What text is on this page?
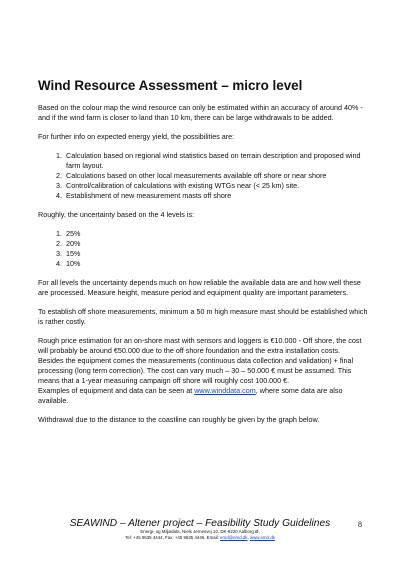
Wind Resource Assessment – micro level

Based on the colour map the wind resource can only be estimated within an accuracy of around 40% - and if the wind farm is closer to land than 10 km, there can be large withdrawals to be added.

For further info on expected energy yield, the possibilities are:

1. Calculation based on regional wind statistics based on terrain description and proposed wind farm layout.
2. Calculations based on other local measurements available off shore or near shore
3. Control/calibration of calculations with existing WTGs near (< 25 km) site.
4. Establishment of new measurement masts off shore

Roughly, the uncertainty based on the 4 levels is:

1. 25%
2. 20%
3. 15%
4. 10%

For all levels the uncertainty depends much on how reliable the available data are and how well these are processed. Measure height, measure period and equipment quality are important parameters.

To establish off shore measurements, minimum a 50 m high measure mast should be established which is rather costly.

Rough price estimation for an on-shore mast with sensors and loggers is €10.000 - Off shore, the cost will probably be around €50.000 due to the off shore foundation and the extra installation costs.

Besides the equipment comes the measurements (continuous data collection and validation) + final processing (long term correction). The cost can vary much – 30 – 50.000 € must be assumed. This means that a 1-year measuring campaign off shore will roughly cost 100.000 €.

Examples of equipment and data can be seen at www.winddata.com, where some data are also available.

Withdrawal due to the distance to the coastline can roughly be given by the graph below.

SEAWIND – Altener project – Feasibility Study Guidelines
Energi- og Miljødata, Niels Jernesvej 10, DK-9220 Aalborg Ø,
Tel: +45 9635 4444, Fax: +45 9635 4446, Email: emd@emd.dk, www.emd.dk
8
